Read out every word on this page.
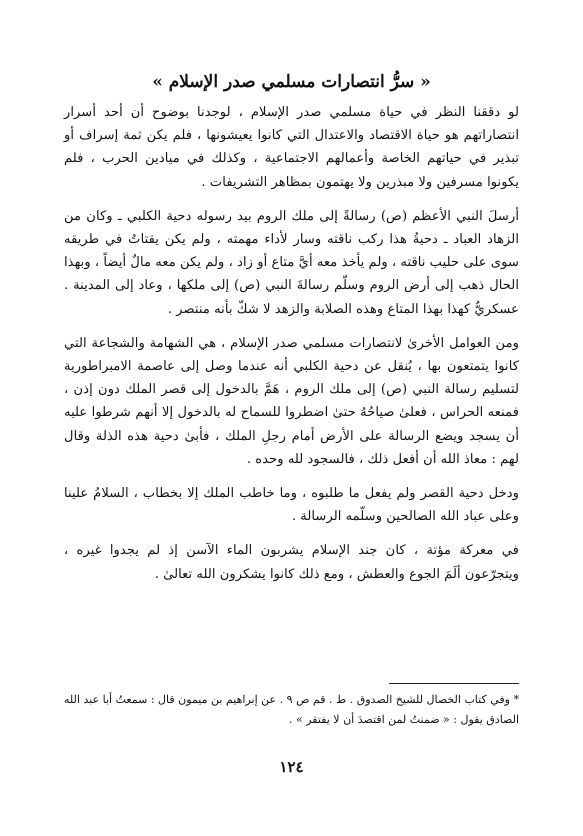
« سرُّ انتصارات مسلمي صدر الإسلام »

لو دققنا النظر في حياة مسلمي صدر الإسلام ، لوجدنا بوضوح أن أحد أسرار انتصاراتهم هو حياة الاقتصاد والاعتدال التي كانوا يعيشونها ، فلم يكن ثمة إسراف أو تبذير في حياتهم الخاصة وأعمالهم الاجتماعية ، وكذلك في ميادين الحرب ، فلم يكونوا مسرفين ولا مبذرين ولا يهتمون بمظاهر التشريفات .

أرسلَ النبي الأعظم (ص) رسالةً إلى ملك الروم بيد رسوله دحية الكلبي ـ وكان من الزهاد العباد ـ دحيةُ هذا ركب ناقته وسار لأداء مهمته ، ولم يكن يقتاتُ في طريقه سوى على حليب ناقته ، ولم يأخذ معه أيَّ متاع أو زاد ، ولم يكن معه مالٌ أيضاً ، وبهذا الحال ذهب إلى أرض الروم وسلّم رسالةَ النبي (ص) إلى ملكها ، وعاد إلى المدينة . عسكريٌّ كهذا بهذا المتاع وهذه الصلابة والزهد لا شكّ بأنه منتصر .

ومن العوامل الأخرىٰ لانتصارات مسلمي صدر الإسلام ، هي الشهامة والشجاعة التي كانوا يتمتعون بها ، يُنقل عن دحية الكلبي أنه عندما وصل إلى عاصمة الامبراطورية لتسليم رسالة النبي (ص) إلى ملك الروم ، هَمَّ بالدخول إلى قصر الملك دون إذن ، فمنعه الحراس ، فعلىٰ صياحُهُ حتىٰ اضطروا للسماح له بالدخول إلا أنهم شرطوا عليه أن يسجد ويضع الرسالة على الأرض أمام رجلِ الملك ، فأبىٰ دحية هذه الذلة وقال لهم : معاذ الله أن أفعل ذلك ، فالسجود لله وحده .

ودخل دحية القصر ولم يفعل ما طلبوه ، وما خاطب الملك إلا بخطاب ، السلامُ علينا وعلى عباد الله الصالحين وسلّمه الرسالة .

في معركة مؤتة ، كان جند الإسلام يشربون الماء الآسن إذ لم يجدوا غيره ، ويتجرّعون ألَمَ الجوع والعطش ، ومع ذلك كانوا يشكرون الله تعالىٰ .

* وفي كتاب الخصال للشيخ الصدوق . ط . قم ص ٩ . عن إبراهيم بن ميمون قال : سمعتُ أبا عبد الله الصادق يقول : « ضمنتُ لمن اقتصدَ أن لا يفتقر » .
١٢٤
